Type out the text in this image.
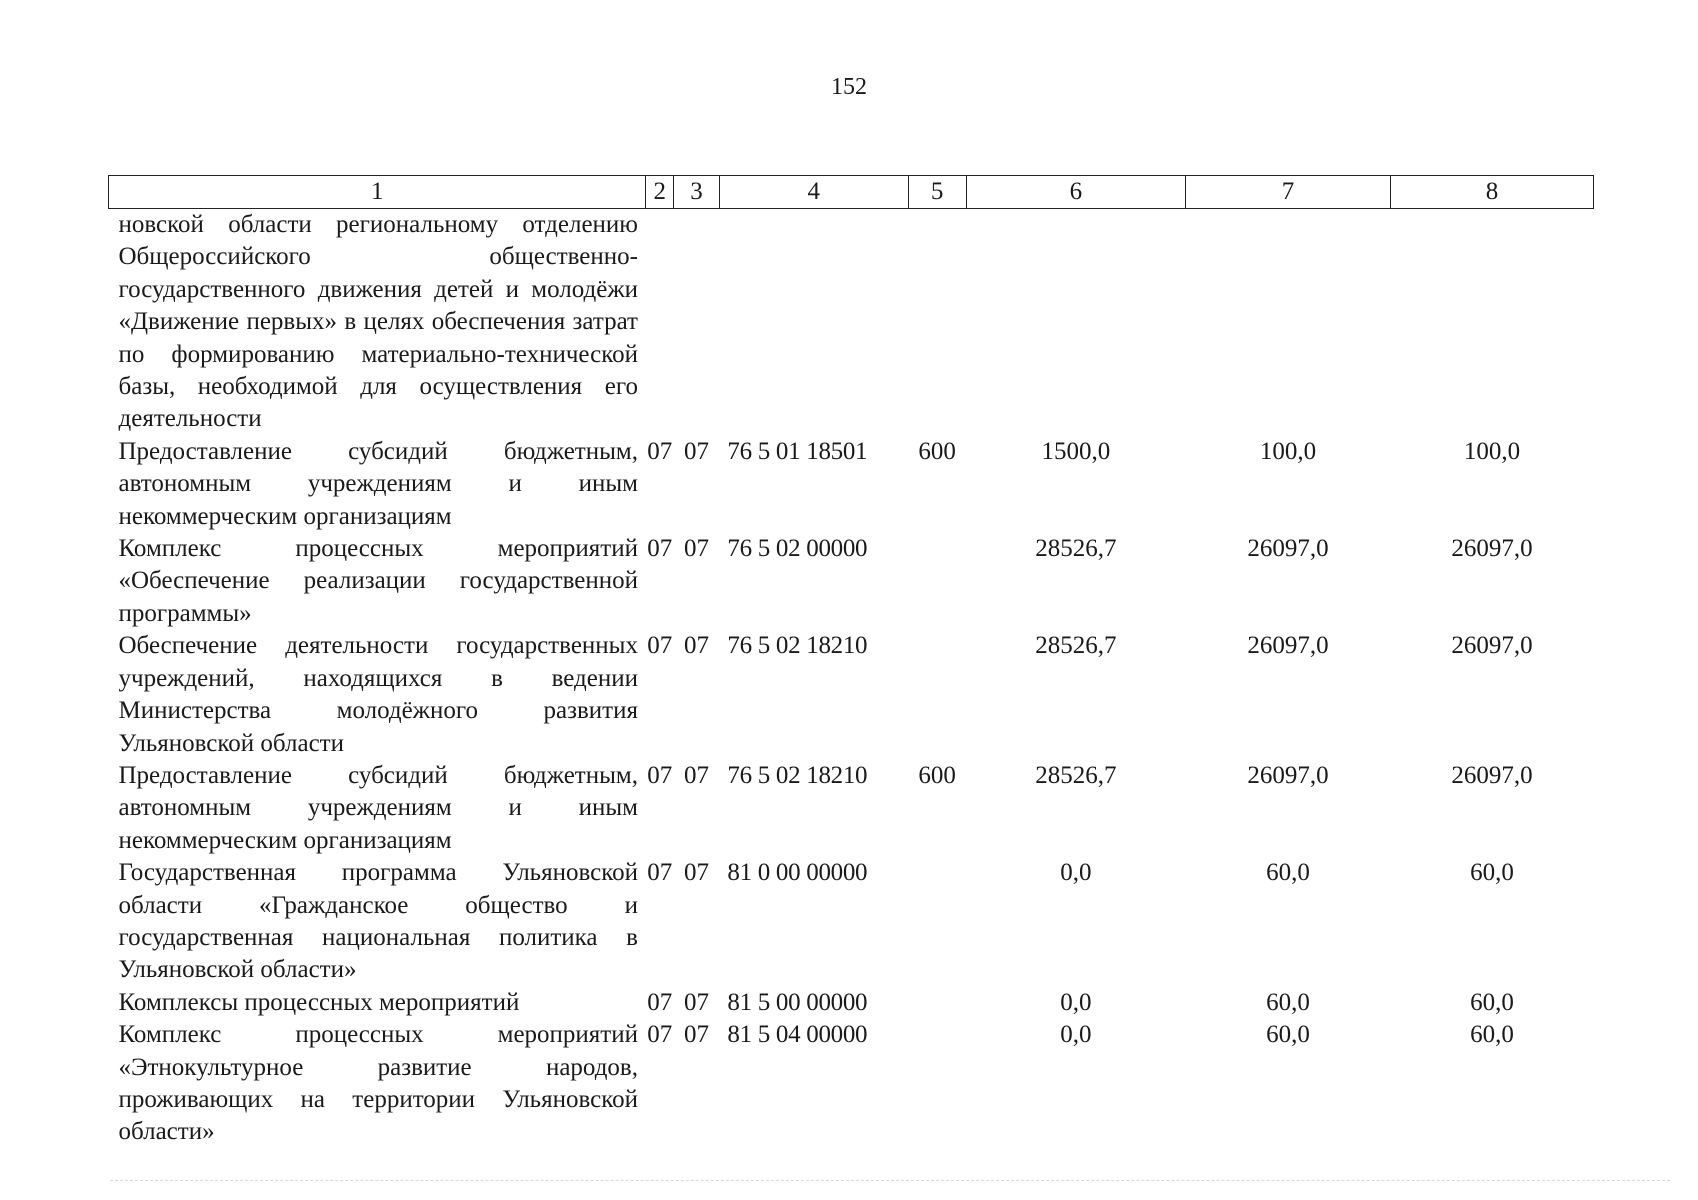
152
1	2	3	4	5	6	7	8
новской области региональному отделению Общероссийского общественно-государственного движения детей и молодёжи «Движение первых» в целях обеспечения затрат по формированию материально-технической базы, необходимой для осуществления его деятельности							
Предоставление субсидий бюджетным, автономным учреждениям и иным некоммерческим организациям	07	07	76 5 01 18501	600	1500,0	100,0	100,0
Комплекс процессных мероприятий «Обеспечение реализации государственной программы»	07	07	76 5 02 00000		28526,7	26097,0	26097,0
Обеспечение деятельности государственных учреждений, находящихся в ведении Министерства молодёжного развития Ульяновской области	07	07	76 5 02 18210		28526,7	26097,0	26097,0
Предоставление субсидий бюджетным, автономным учреждениям и иным некоммерческим организациям	07	07	76 5 02 18210	600	28526,7	26097,0	26097,0
Государственная программа Ульяновской области «Гражданское общество и государственная национальная политика в Ульяновской области»	07	07	81 0 00 00000		0,0	60,0	60,0
Комплексы процессных мероприятий	07	07	81 5 00 00000		0,0	60,0	60,0
Комплекс процессных мероприятий «Этнокультурное развитие народов, проживающих на территории Ульяновской области»	07	07	81 5 04 00000		0,0	60,0	60,0
